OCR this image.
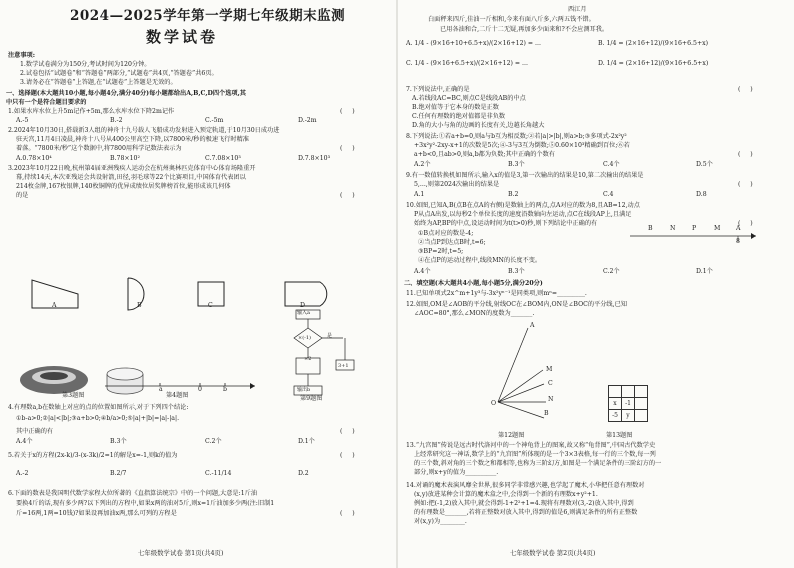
2024—2025学年第一学期七年级期末监测
数学试卷
注意事项:
1.数学试卷满分为150分,考试时间为120分钟。
2.试卷包括“试题卷”和“答题卷”两部分,“试题卷”共4页,“答题卷”共6页。
3.请务必在“答题卷”上答题,在“试题卷”上答题是无效的。
一、选择题(本大题共10小题,每小题4分,满分40分)每小题都给出A,B,C,D四个选项,其
中只有一个是符合题目要求的
1.如果水库水位上升5m记作+5m,那么水库水位下降2m记作	(     )
A.-5	B.-2	C.-5m	D.-2m
2.2024年10月30日,搭载新3人组的神舟十九号载人飞船成功发射进入预定轨道,于10月30日成功进
驻天宫,11月4日凌晨,神舟十八号从400公里高空下降,以7800米/秒的极速飞行时精准
着落。“7800米/秒”这个数据中,将7800用科学记数法表示为	(     )
A.0.78×10⁴	B.78×10²	C.7.08×10³	D.7.8×10³
3.2023年10月22日晚,杭州第4届亚洲残疾人运动会在杭州奥林匹克体育中心体育场隆重开
幕,持续14天,本次亚残运会共设射箭,田径,羽毛球等22个比赛项目,中国体育代表团以
214枚金牌,167枚银牌,140枚铜牌的优异成绩位居奖牌榜首位,能形成该几何体
的是	(     )
A	B	C	D
a	0	b
输入a
×(-1)	是
×2
3+1
输出b
第3题图	第4题图	第9题图
4.有理数a,b在数轴上对应的点的位置如图所示,对于下列四个结论:
①b-a>0;②|a|<|b|;③a+b>0;④b/a>0;⑤|a|+|b|=|a|-|a|.
其中正确的有	(     )
A.4个	B.3个	C.2个	D.1个
5.若关于x的方程(2x-k)/3-(x-3k)/2=1的解是x=-1,则k的值为	(     )
A.-2	B.2/7	C.-11/14	D.2
6.下面的数表是我国明代数学家程大位所著的《直指算法统宗》中的一个问题,大意是:1斤油
要换4斤的话,现有多少两?以下列出的方程中,如果x两的油对5斤,则x=1斤油加多少两(注:旧制1
斤=16两,1两=10钱)?如果设再加油x两,那么可列的方程是	(     )
七年级数学试卷 第1页(共4页)
西江月
白面秤来四斤,佳油一斤相和,今来有面八斤多,六两五钱不错。
已用各油和合,二斤十二无疑,再加多少面来和?不会应测耳我。
A. 1/4 - (9×16+10+6.5+x)/(2×16+12) = ...	B. 1/4 = (2×16+12)/(9×16+6.5+x)
C. 1/4 - (9×16+6.5+x)/(2×16+12) = ...	D. 1/4 = (2×16+12)/(9×16+6.5+x)
7.下列说法中,正确的是	(     )
A.若线段AC=BC,则点C是线段AB的中点
B.绝对值等于它本身的数是正数
C.任何有理数的绝对值都是非负数
D.角的大小与角的边画的长度有关,边越长角越大
8.下列说法:①若a+b=0,则a与b互为相反数;②若|a|>|b|,则a>b;③多项式-2x²y²
+3x²y²-2xy-x+1的次数是5次;④-3与3互为倒数;⑤0.60×10³精确到百位;⑥若
a+b<0,且ab>0,则a,b都为负数;其中正确的个数有	(     )
A.2个	B.3个	C.4个	D.5个
9.有一数值转换机如图所示,输入x的值是3,第一次输出的结果是10,第二次输出的结果是
5,...,则第2024次输出的结果是	(     )
A.1	B.2	C.4	D.8
10.如图,已知A,B(点B在点A的右侧)是数轴上的两点,点A对应的数为8,且AB=12,动点
P从点A出发,以每秒2个单位长度的速度沿数轴向左运动,点C在线段AP上,且满足
始终为AP,BP的中点,设运动时间为t(t>0)秒,则下列结论中正确的有	(     )
①B点对应的数是-4;
②当点P到达点B时,t=6;
③BP=2时,t=5;
④在点P的运动过程中,线段MN的长度不变。
B	N	P	M	A
8
A.4个	B.3个	C.2个	D.1个
二、填空题(本大题共4小题,每小题5分,满分20分)
11.已知单项式2x^m+1y³与-3x²yⁿ⁻¹是同类项,则mⁿ=_________.
12.如图,OM是∠AOB的平分线,射线OC在∠BOM内,ON是∠BOC的平分线,已知
∠AOC=80°,那么∠MON的度数为_______.
A
M
C
N
B
O
			x	-1	
-5	y	
第12题图	第13题图
13.“九宫图”传说是远古时代洛河中的一个神龟背上的图案,故又称“龟背图”,中国古代数学史
上经常研究这一神话,数学上的“九宫图”所体现的是一个3×3表格,每一行的三个数,每一列
的三个数,斜对角的三个数之和都相等,也称为三阶幻方,如图是一个满足条件的三阶幻方的一
部分,则x+y的值为__________.
14.对诵的魔术表演风靡全世界,很多同学非常感兴趣,也学起了魔术,小华把任意有理数对
(x,y)放进某种会计算的魔术盒之中,会得到一个新的有理数x+y²+1.
例如:把(-1,2)放入其中,就会得到-1+2²+1=4.现将有理数对(3,-2)放入其中,得到
的有理数是_______,若将正整数对放入其中,得到的值是6,则满足条件的所有正整数
对(x,y)为________.
七年级数学试卷 第2页(共4页)
